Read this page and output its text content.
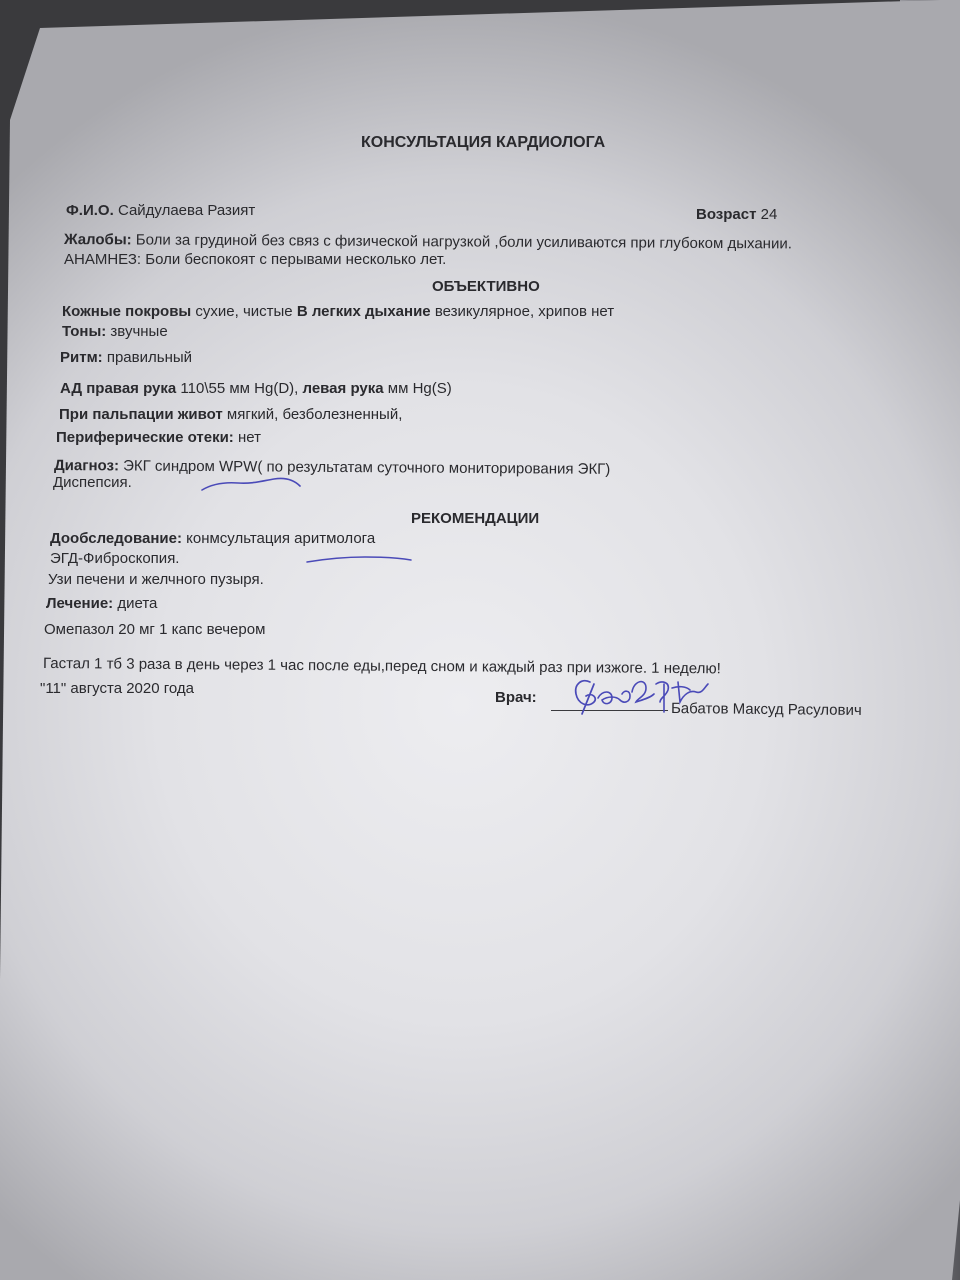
КОНСУЛЬТАЦИЯ КАРДИОЛОГА
Ф.И.О. Сайдулаева Разият	Возраст 24
Жалобы: Боли за грудиной без связ с физической нагрузкой ,боли усиливаются при глубоком дыхании.
АНАМНЕЗ: Боли беспокоят с перывами несколько лет.
ОБЪЕКТИВНО
Кожные покровы сухие, чистые В легких дыхание везикулярное, хрипов нет
Тоны: звучные
Ритм: правильный
АД правая рука 110\55 мм Hg(D), левая рука мм Hg(S)
При пальпации живот мягкий, безболезненный,
Периферические отеки: нет
Диагноз: ЭКГ синдром WPW( по результатам суточного мониторирования ЭКГ)
Диспепсия.
РЕКОМЕНДАЦИИ
Дообследование: конмсультация аритмолога
ЭГД-Фиброскопия.
Узи печени и желчного пузыря.
Лечение: диета
Омепазол 20 мг 1 капс вечером
Гастал 1 тб 3 раза в день через 1 час после еды,перед сном и каждый раз при изжоге. 1 неделю!
"11" августа 2020 года
Врач:
Бабатов Максуд Расулович
